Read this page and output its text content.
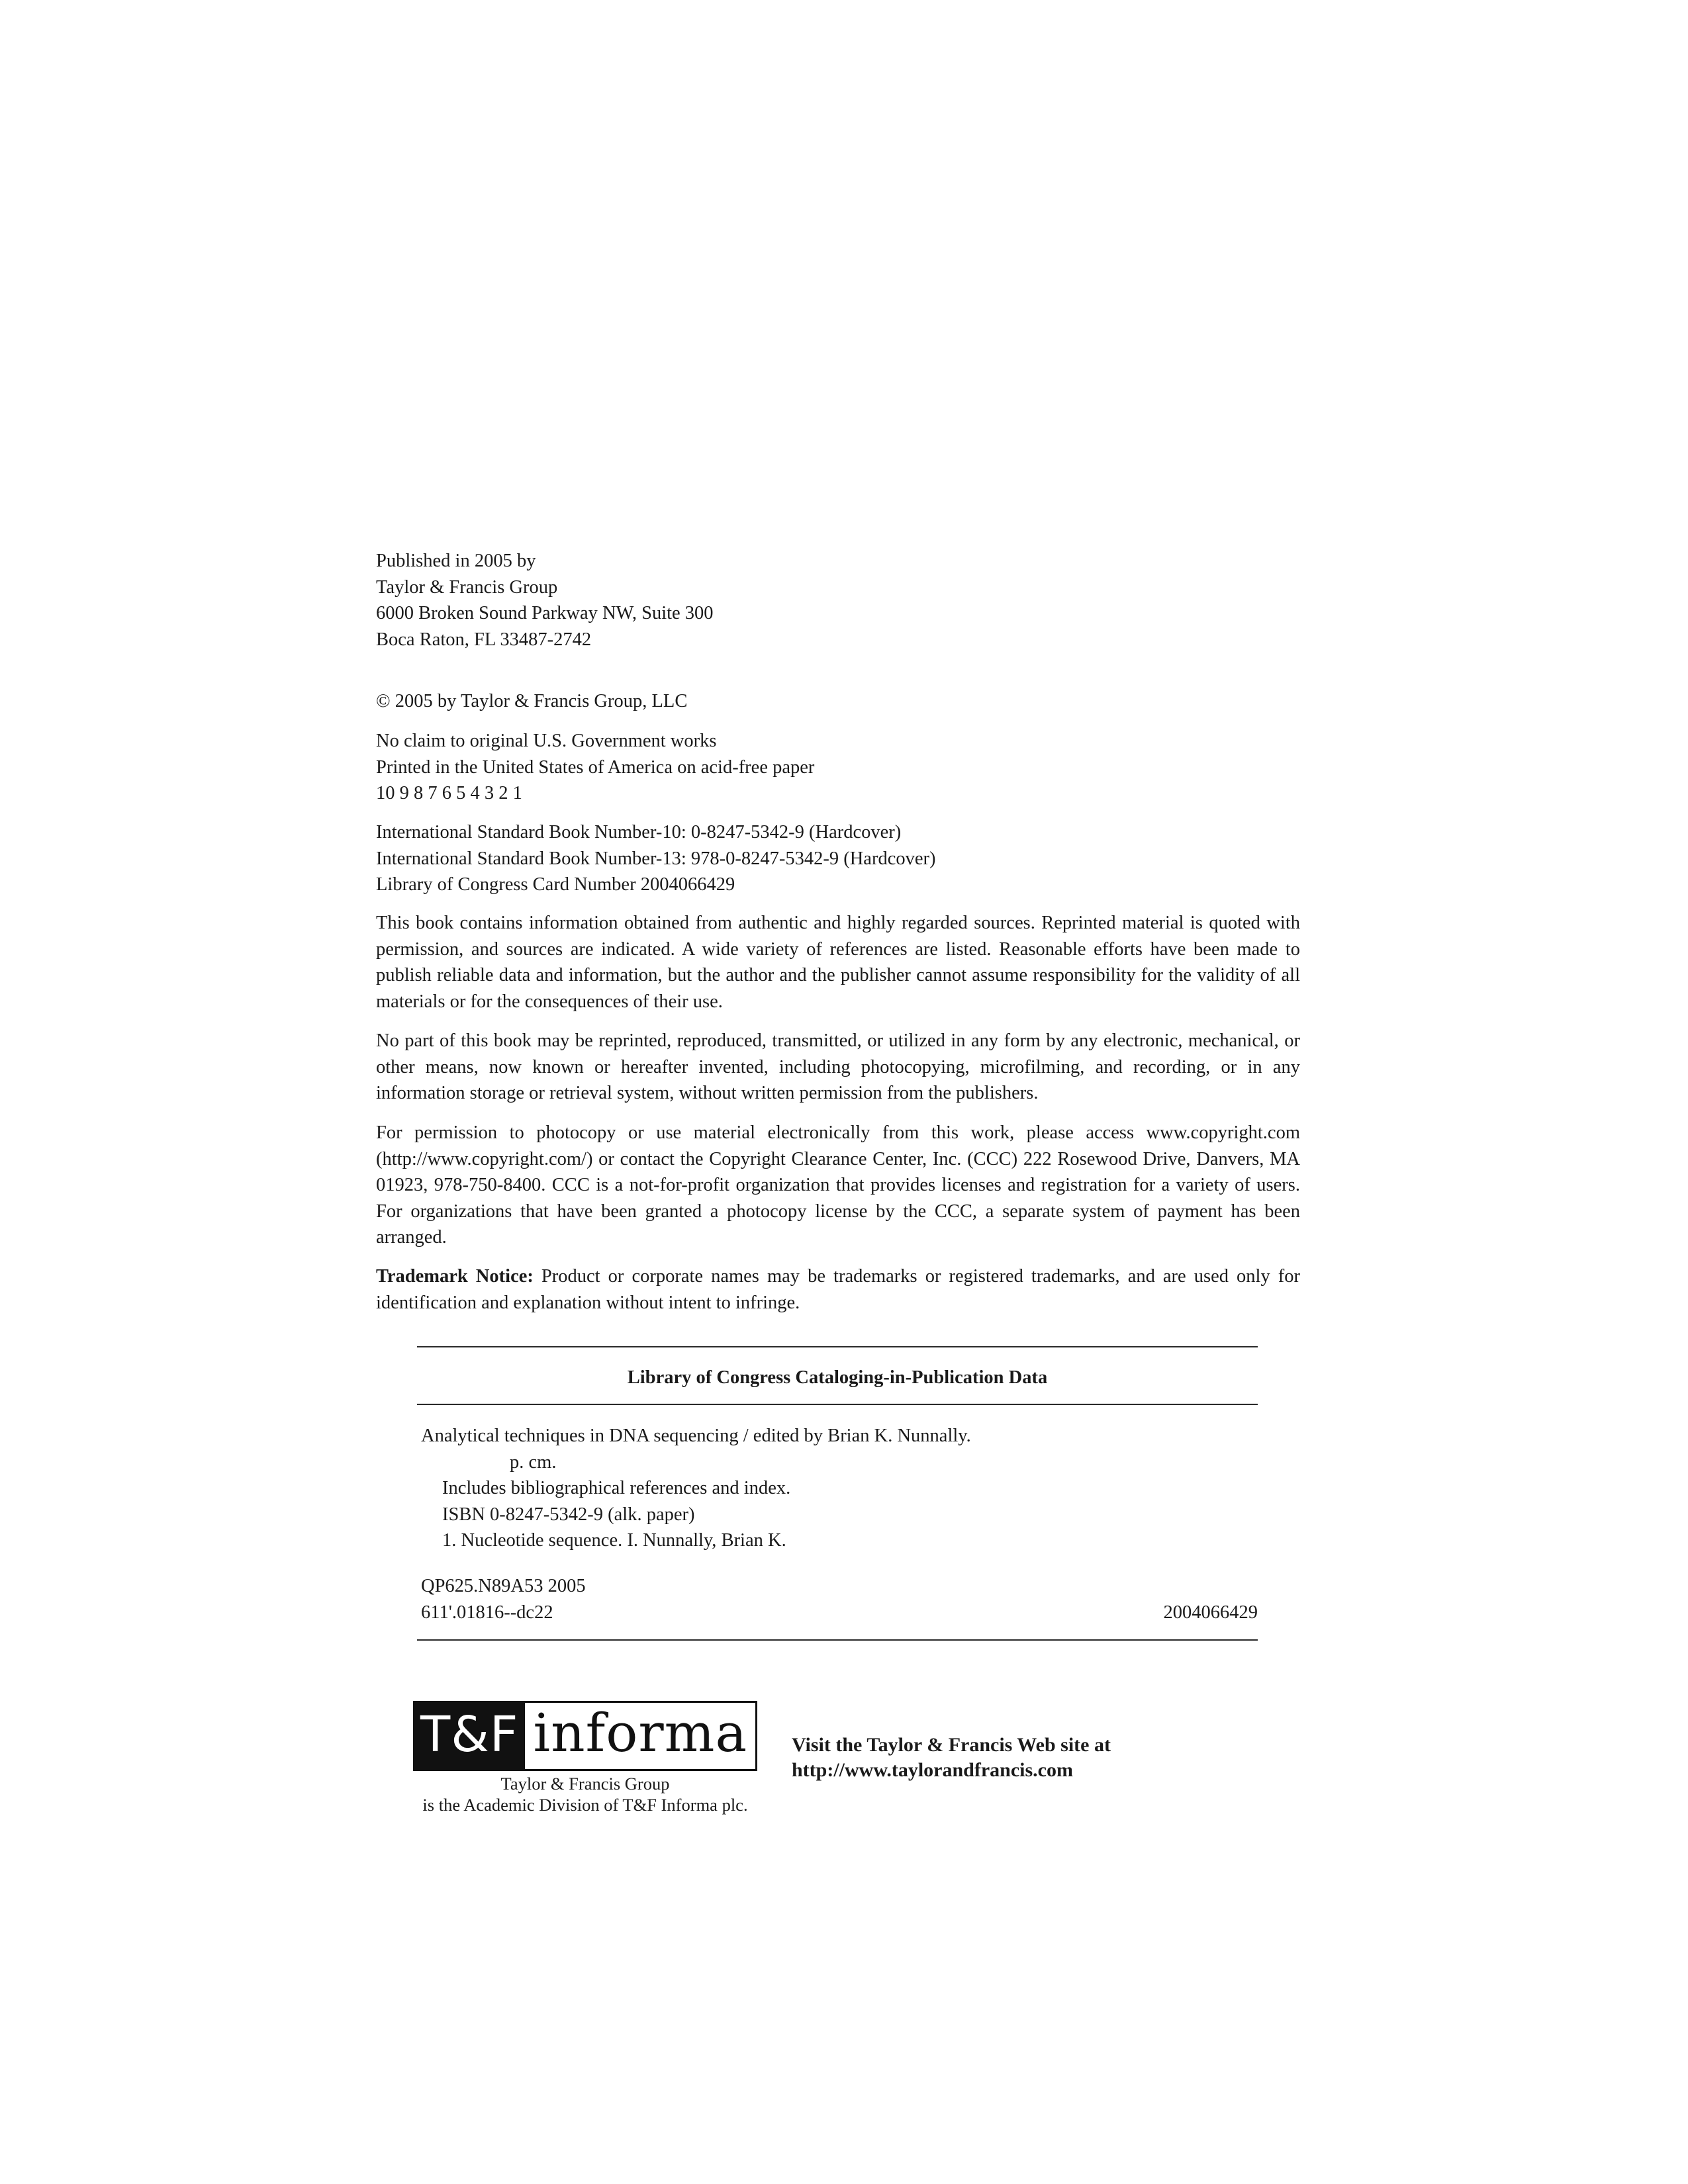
Published in 2005 by
Taylor & Francis Group
6000 Broken Sound Parkway NW, Suite 300
Boca Raton, FL 33487-2742
© 2005 by Taylor & Francis Group, LLC
No claim to original U.S. Government works
Printed in the United States of America on acid-free paper
10 9 8 7 6 5 4 3 2 1
International Standard Book Number-10: 0-8247-5342-9 (Hardcover)
International Standard Book Number-13: 978-0-8247-5342-9 (Hardcover)
Library of Congress Card Number 2004066429

This book contains information obtained from authentic and highly regarded sources. Reprinted material is quoted with permission, and sources are indicated. A wide variety of references are listed. Reasonable efforts have been made to publish reliable data and information, but the author and the publisher cannot assume responsibility for the validity of all materials or for the consequences of their use.

No part of this book may be reprinted, reproduced, transmitted, or utilized in any form by any electronic, mechanical, or other means, now known or hereafter invented, including photocopying, microfilming, and recording, or in any information storage or retrieval system, without written permission from the publishers.

For permission to photocopy or use material electronically from this work, please access www.copyright.com (http://www.copyright.com/) or contact the Copyright Clearance Center, Inc. (CCC) 222 Rosewood Drive, Danvers, MA 01923, 978-750-8400. CCC is a not-for-profit organization that provides licenses and registration for a variety of users. For organizations that have been granted a photocopy license by the CCC, a separate system of payment has been arranged.

Trademark Notice: Product or corporate names may be trademarks or registered trademarks, and are used only for identification and explanation without intent to infringe.

Library of Congress Cataloging-in-Publication Data
Analytical techniques in DNA sequencing / edited by Brian K. Nunnally.
p. cm.
Includes bibliographical references and index.
ISBN 0-8247-5342-9 (alk. paper)
1. Nucleotide sequence. I. Nunnally, Brian K.
QP625.N89A53 2005
611'.01816--dc22	2004066429
T&F informa
Taylor & Francis Group
is the Academic Division of T&F Informa plc.
Visit the Taylor & Francis Web site at
http://www.taylorandfrancis.com
